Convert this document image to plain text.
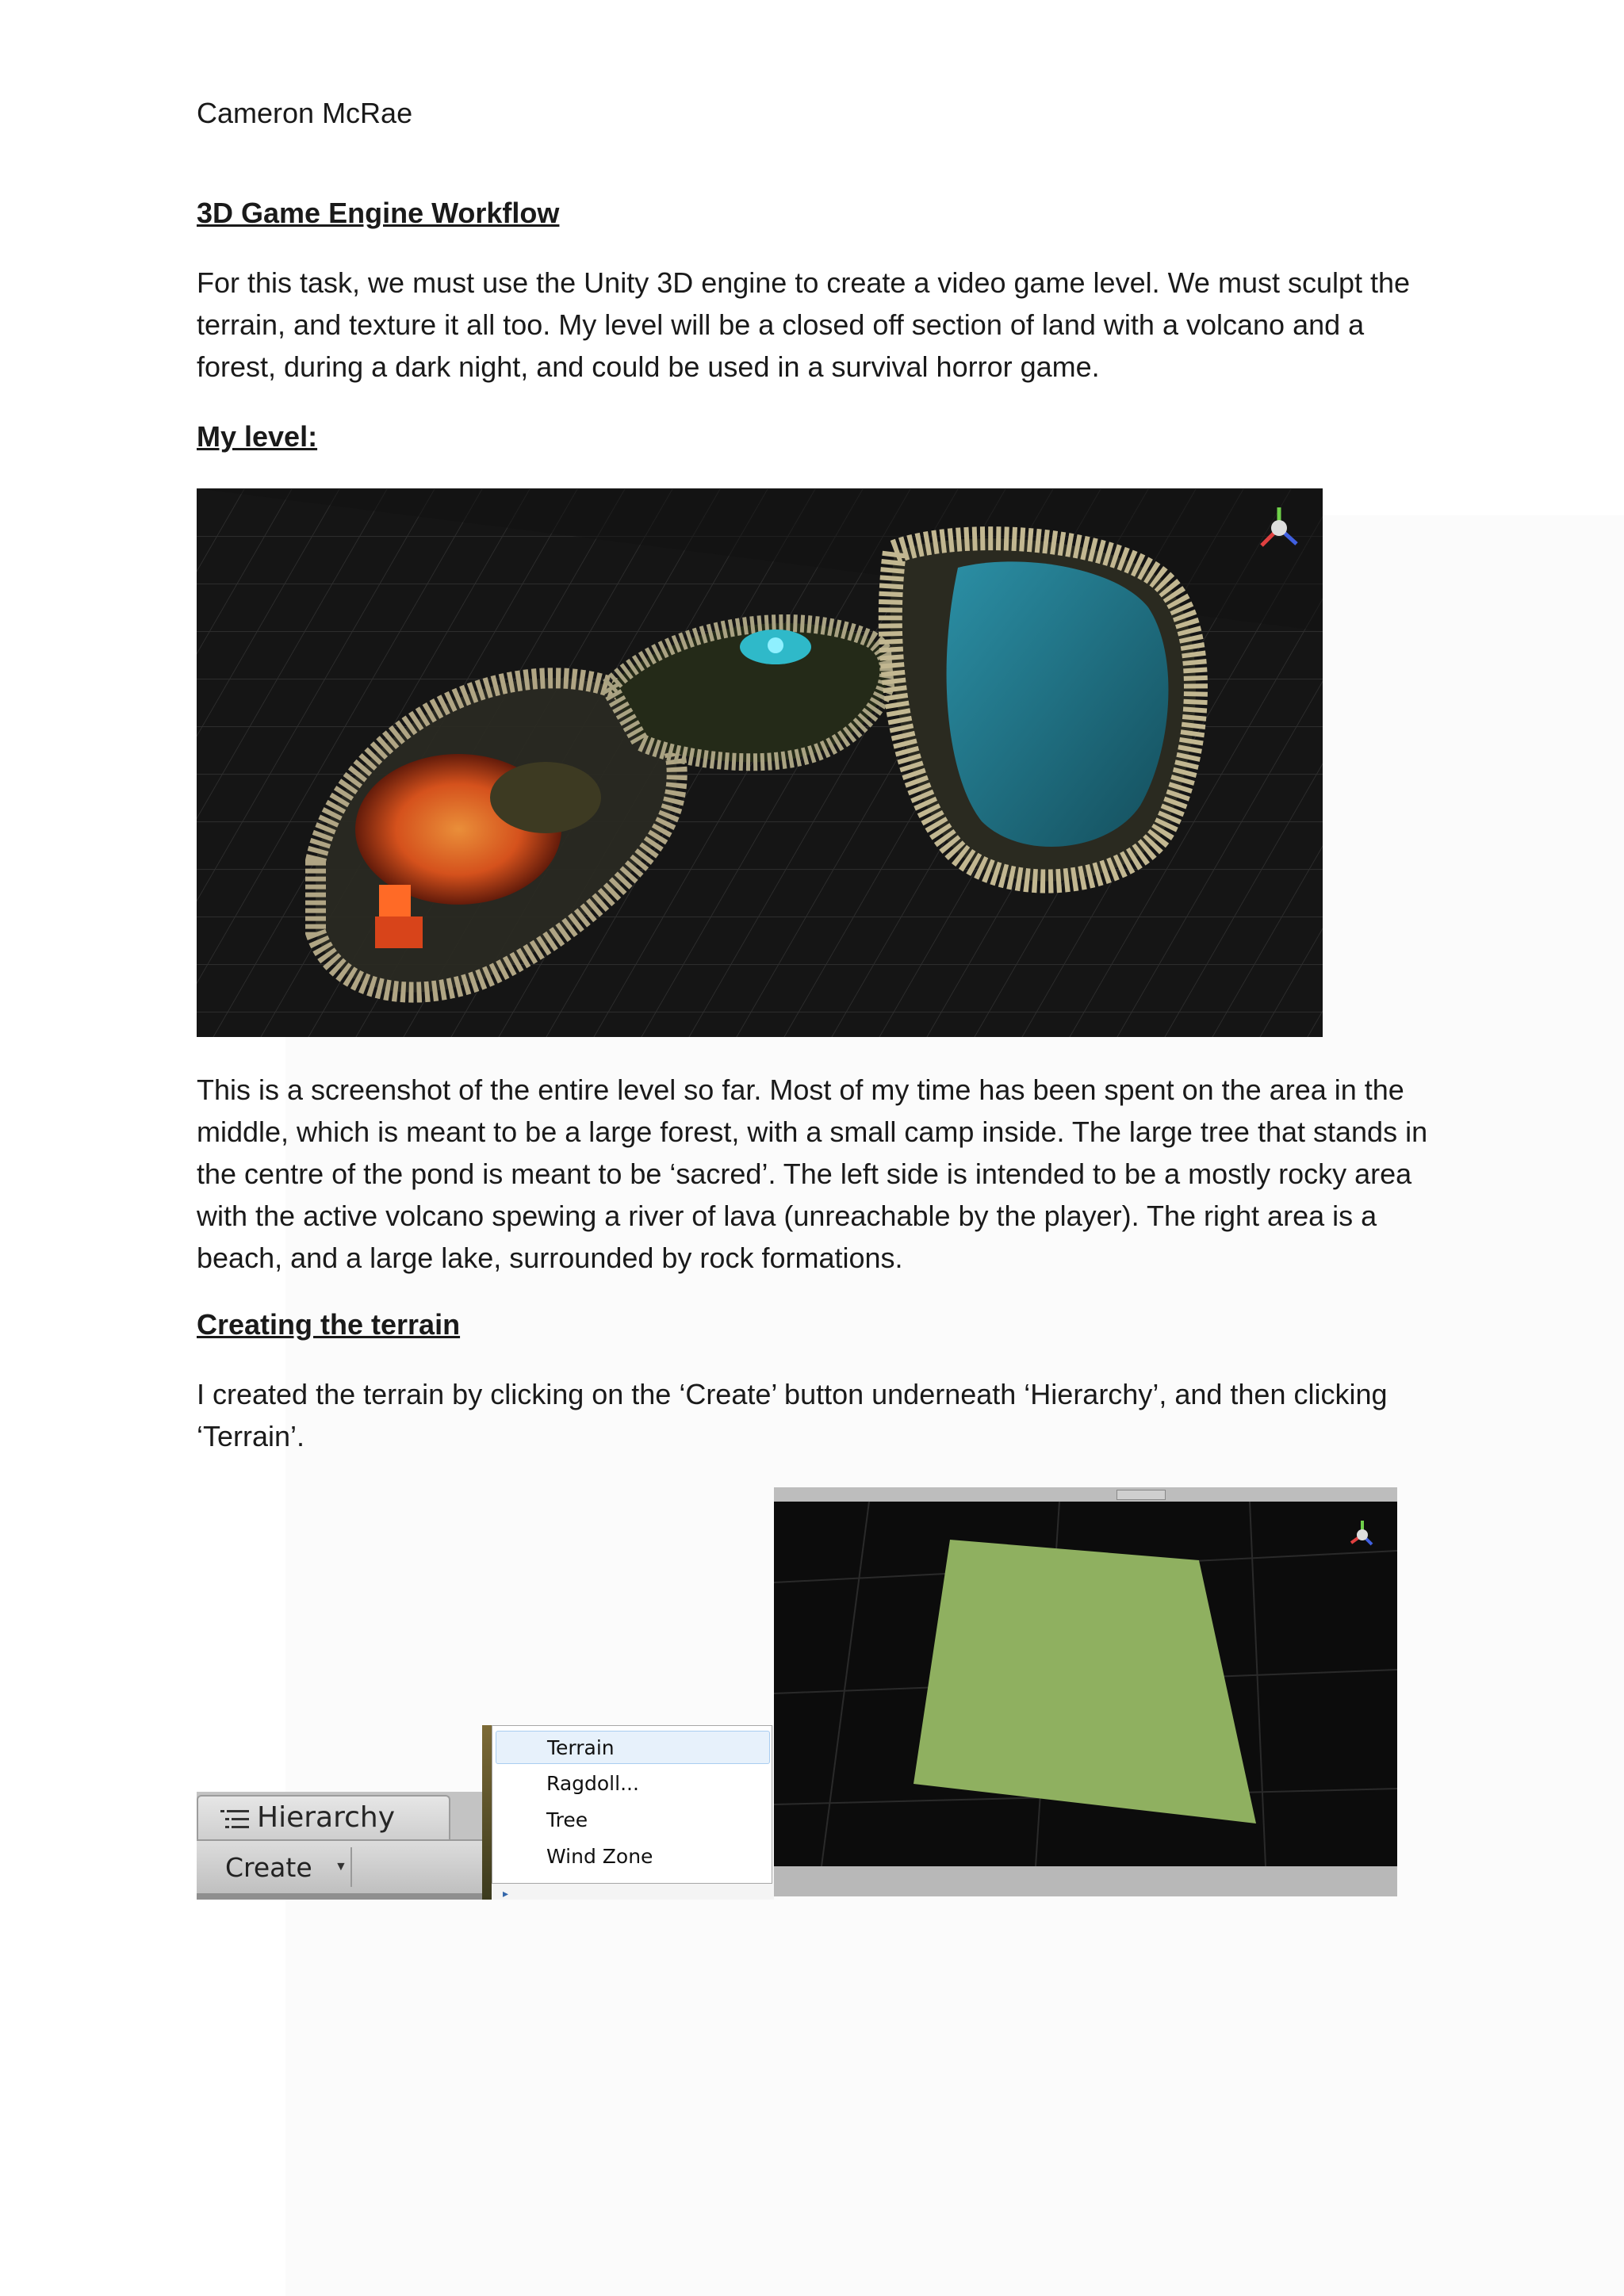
Cameron McRae
3D Game Engine Workflow
For this task, we must use the Unity 3D engine to create a video game level. We must sculpt the terrain, and texture it all too. My level will be a closed off section of land with a volcano and a forest, during a dark night, and could be used in a survival horror game.
My level:
This is a screenshot of the entire level so far. Most of my time has been spent on the area in the middle, which is meant to be a large forest, with a small camp inside. The large tree that stands in the centre of the pond is meant to be ‘sacred’. The left side is intended to be a mostly rocky area with the active volcano spewing a river of lava (unreachable by the player). The right area is a beach, and a large lake, surrounded by rock formations.
Creating the terrain
I created the terrain by clicking on the ‘Create’ button underneath ‘Hierarchy’, and then clicking ‘Terrain’.
Hierarchy
Create ▼
Terrain
Ragdoll...
Tree
Wind Zone
▸
